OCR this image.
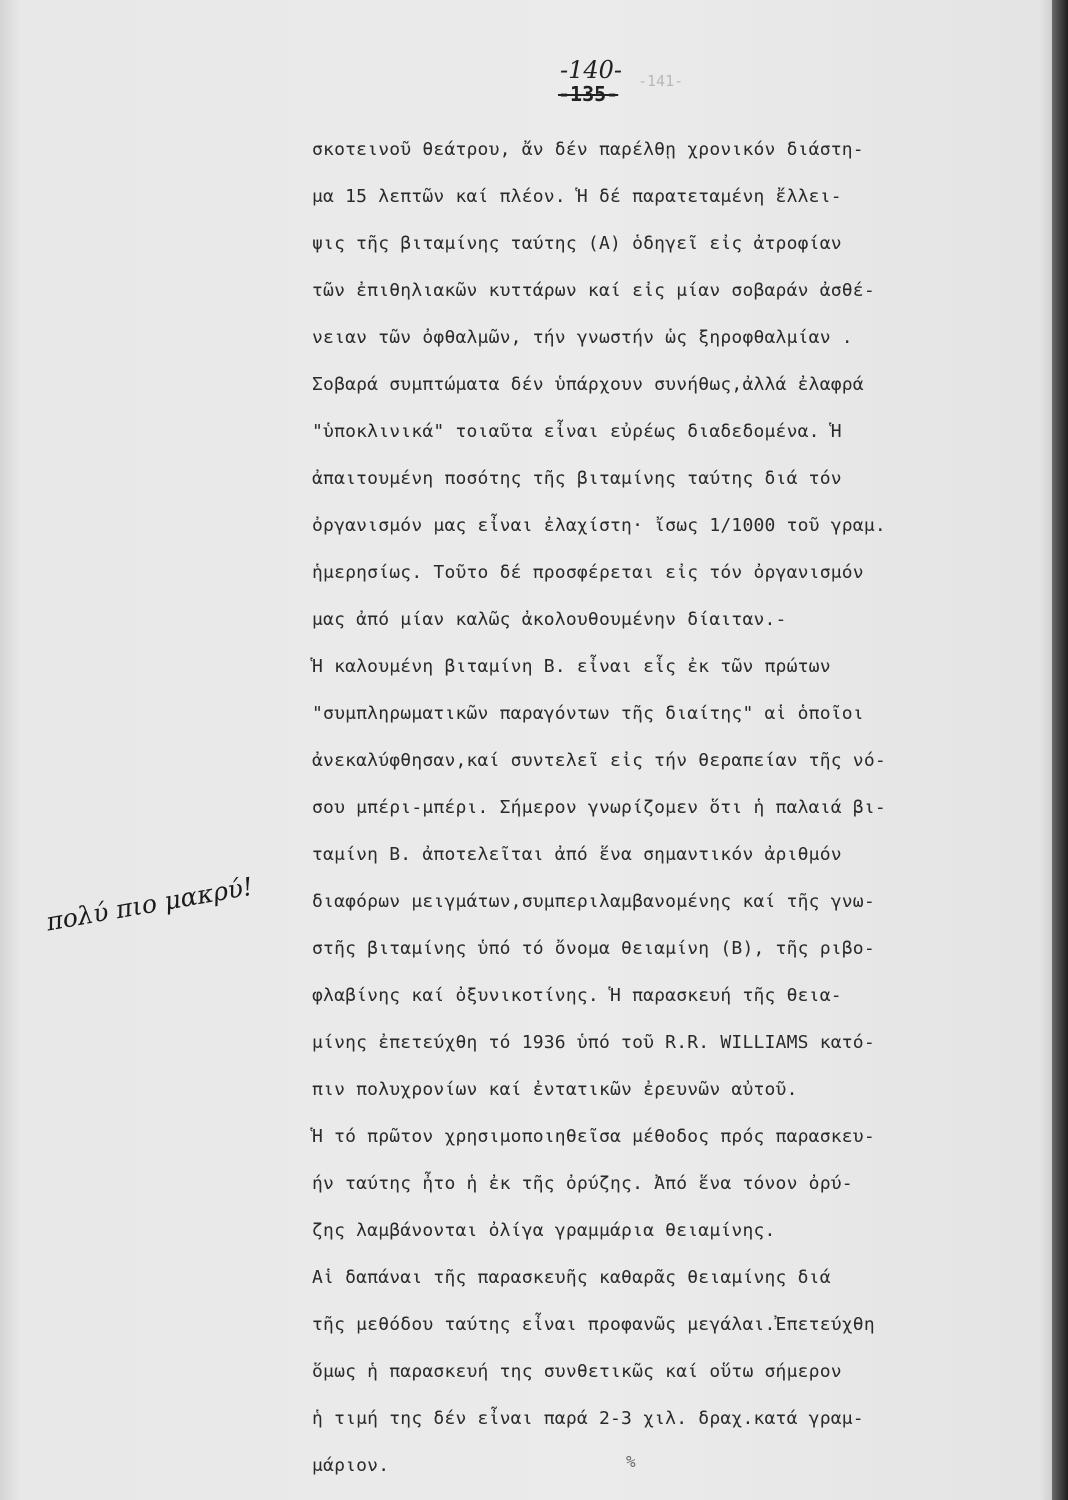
-140-
-135-
-141-
πολύ πιο μακρύ!
σκοτεινοῦ θεάτρου, ἄν δέν παρέλθῃ χρονικόν διάστη-
μα 15 λεπτῶν καί πλέον. Ἡ δέ παρατεταμένη ἔλλει-
ψις τῆς βιταμίνης ταύτης (Α) ὁδηγεῖ εἰς ἀτροφίαν
τῶν ἐπιθηλιακῶν κυττάρων καί εἰς μίαν σοβαράν ἀσθέ-
νειαν τῶν ὀφθαλμῶν, τήν γνωστήν ὡς ξηροφθαλμίαν .
Σοβαρά συμπτώματα δέν ὑπάρχουν συνήθως,ἀλλά ἐλαφρά
"ὑποκλινικά" τοιαῦτα εἶναι εὐρέως διαδεδομένα. Ἡ
ἀπαιτουμένη ποσότης τῆς βιταμίνης ταύτης διά τόν
ὀργανισμόν μας εἶναι ἐλαχίστη· ἴσως 1/1000 τοῦ γραμ.
ἡμερησίως. Τοῦτο δέ προσφέρεται εἰς τόν ὀργανισμόν
μας ἀπό μίαν καλῶς ἀκολουθουμένην δίαιταν.-
Ἡ καλουμένη βιταμίνη Β. εἶναι εἷς ἐκ τῶν πρώτων
"συμπληρωματικῶν παραγόντων τῆς διαίτης" αἱ ὁποῖοι
ἀνεκαλύφθησαν,καί συντελεῖ εἰς τήν θεραπείαν τῆς νό-
σου μπέρι-μπέρι. Σήμερον γνωρίζομεν ὅτι ἡ παλαιά βι-
ταμίνη Β. ἀποτελεῖται ἀπό ἕνα σημαντικόν ἀριθμόν
διαφόρων μειγμάτων,συμπεριλαμβανομένης καί τῆς γνω-
στῆς βιταμίνης ὑπό τό ὄνομα θειαμίνη (Β), τῆς ριβο-
φλαβίνης καί ὀξυνικοτίνης. Ἡ παρασκευή τῆς θεια-
μίνης ἐπετεύχθη τό 1936 ὑπό τοῦ R.R. WILLIAMS κατό-
πιν πολυχρονίων καί ἐντατικῶν ἐρευνῶν αὐτοῦ.
Ἡ τό πρῶτον χρησιμοποιηθεῖσα μέθοδος πρός παρασκευ-
ήν ταύτης ἦτο ἡ ἐκ τῆς ὀρύζης. Ἀπό ἕνα τόνον ὀρύ-
ζης λαμβάνονται ὀλίγα γραμμάρια θειαμίνης.
Αἱ δαπάναι τῆς παρασκευῆς καθαρᾶς θειαμίνης διά
τῆς μεθόδου ταύτης εἶναι προφανῶς μεγάλαι.Ἐπετεύχθη
ὅμως ἡ παρασκευή της συνθετικῶς καί οὕτω σήμερον
ἡ τιμή της δέν εἶναι παρά 2-3 χιλ. δραχ.κατά γραμ-
μάριον.	%
